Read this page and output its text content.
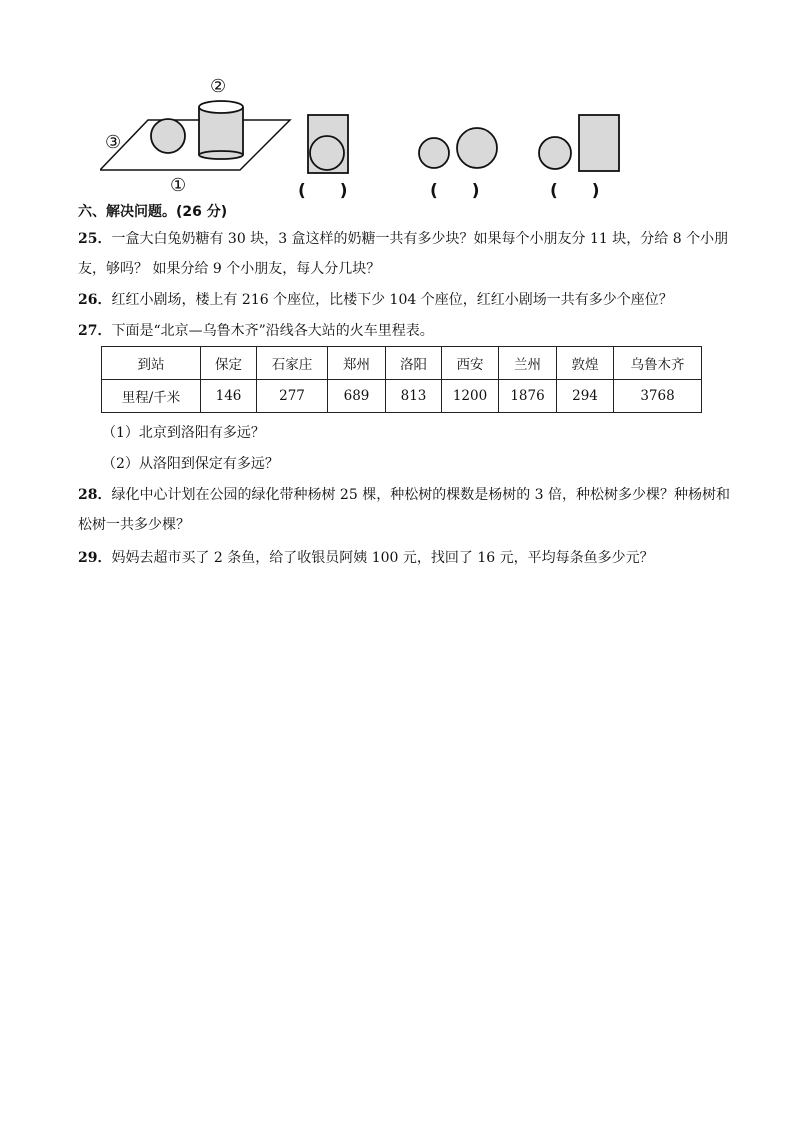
②
③
①	(　　)	(　　)	(　　)
六、解决问题。(26 分)
25．一盒大白兔奶糖有 30 块，3 盒这样的奶糖一共有多少块？如果每个小朋友分 11 块，分给 8 个小朋
友，够吗？ 如果分给 9 个小朋友，每人分几块？
26．红红小剧场，楼上有 216 个座位，比楼下少 104 个座位，红红小剧场一共有多少个座位？
27．下面是“北京—乌鲁木齐”沿线各大站的火车里程表。
到站	保定	石家庄	郑州	洛阳	西安	兰州	敦煌	乌鲁木齐
里程/千米	146	277	689	813	1200	1876	294	3768
（1）北京到洛阳有多远？
（2）从洛阳到保定有多远？
28．绿化中心计划在公园的绿化带种杨树 25 棵，种松树的棵数是杨树的 3 倍，种松树多少棵？种杨树和
松树一共多少棵？
29．妈妈去超市买了 2 条鱼，给了收银员阿姨 100 元，找回了 16 元，平均每条鱼多少元？
